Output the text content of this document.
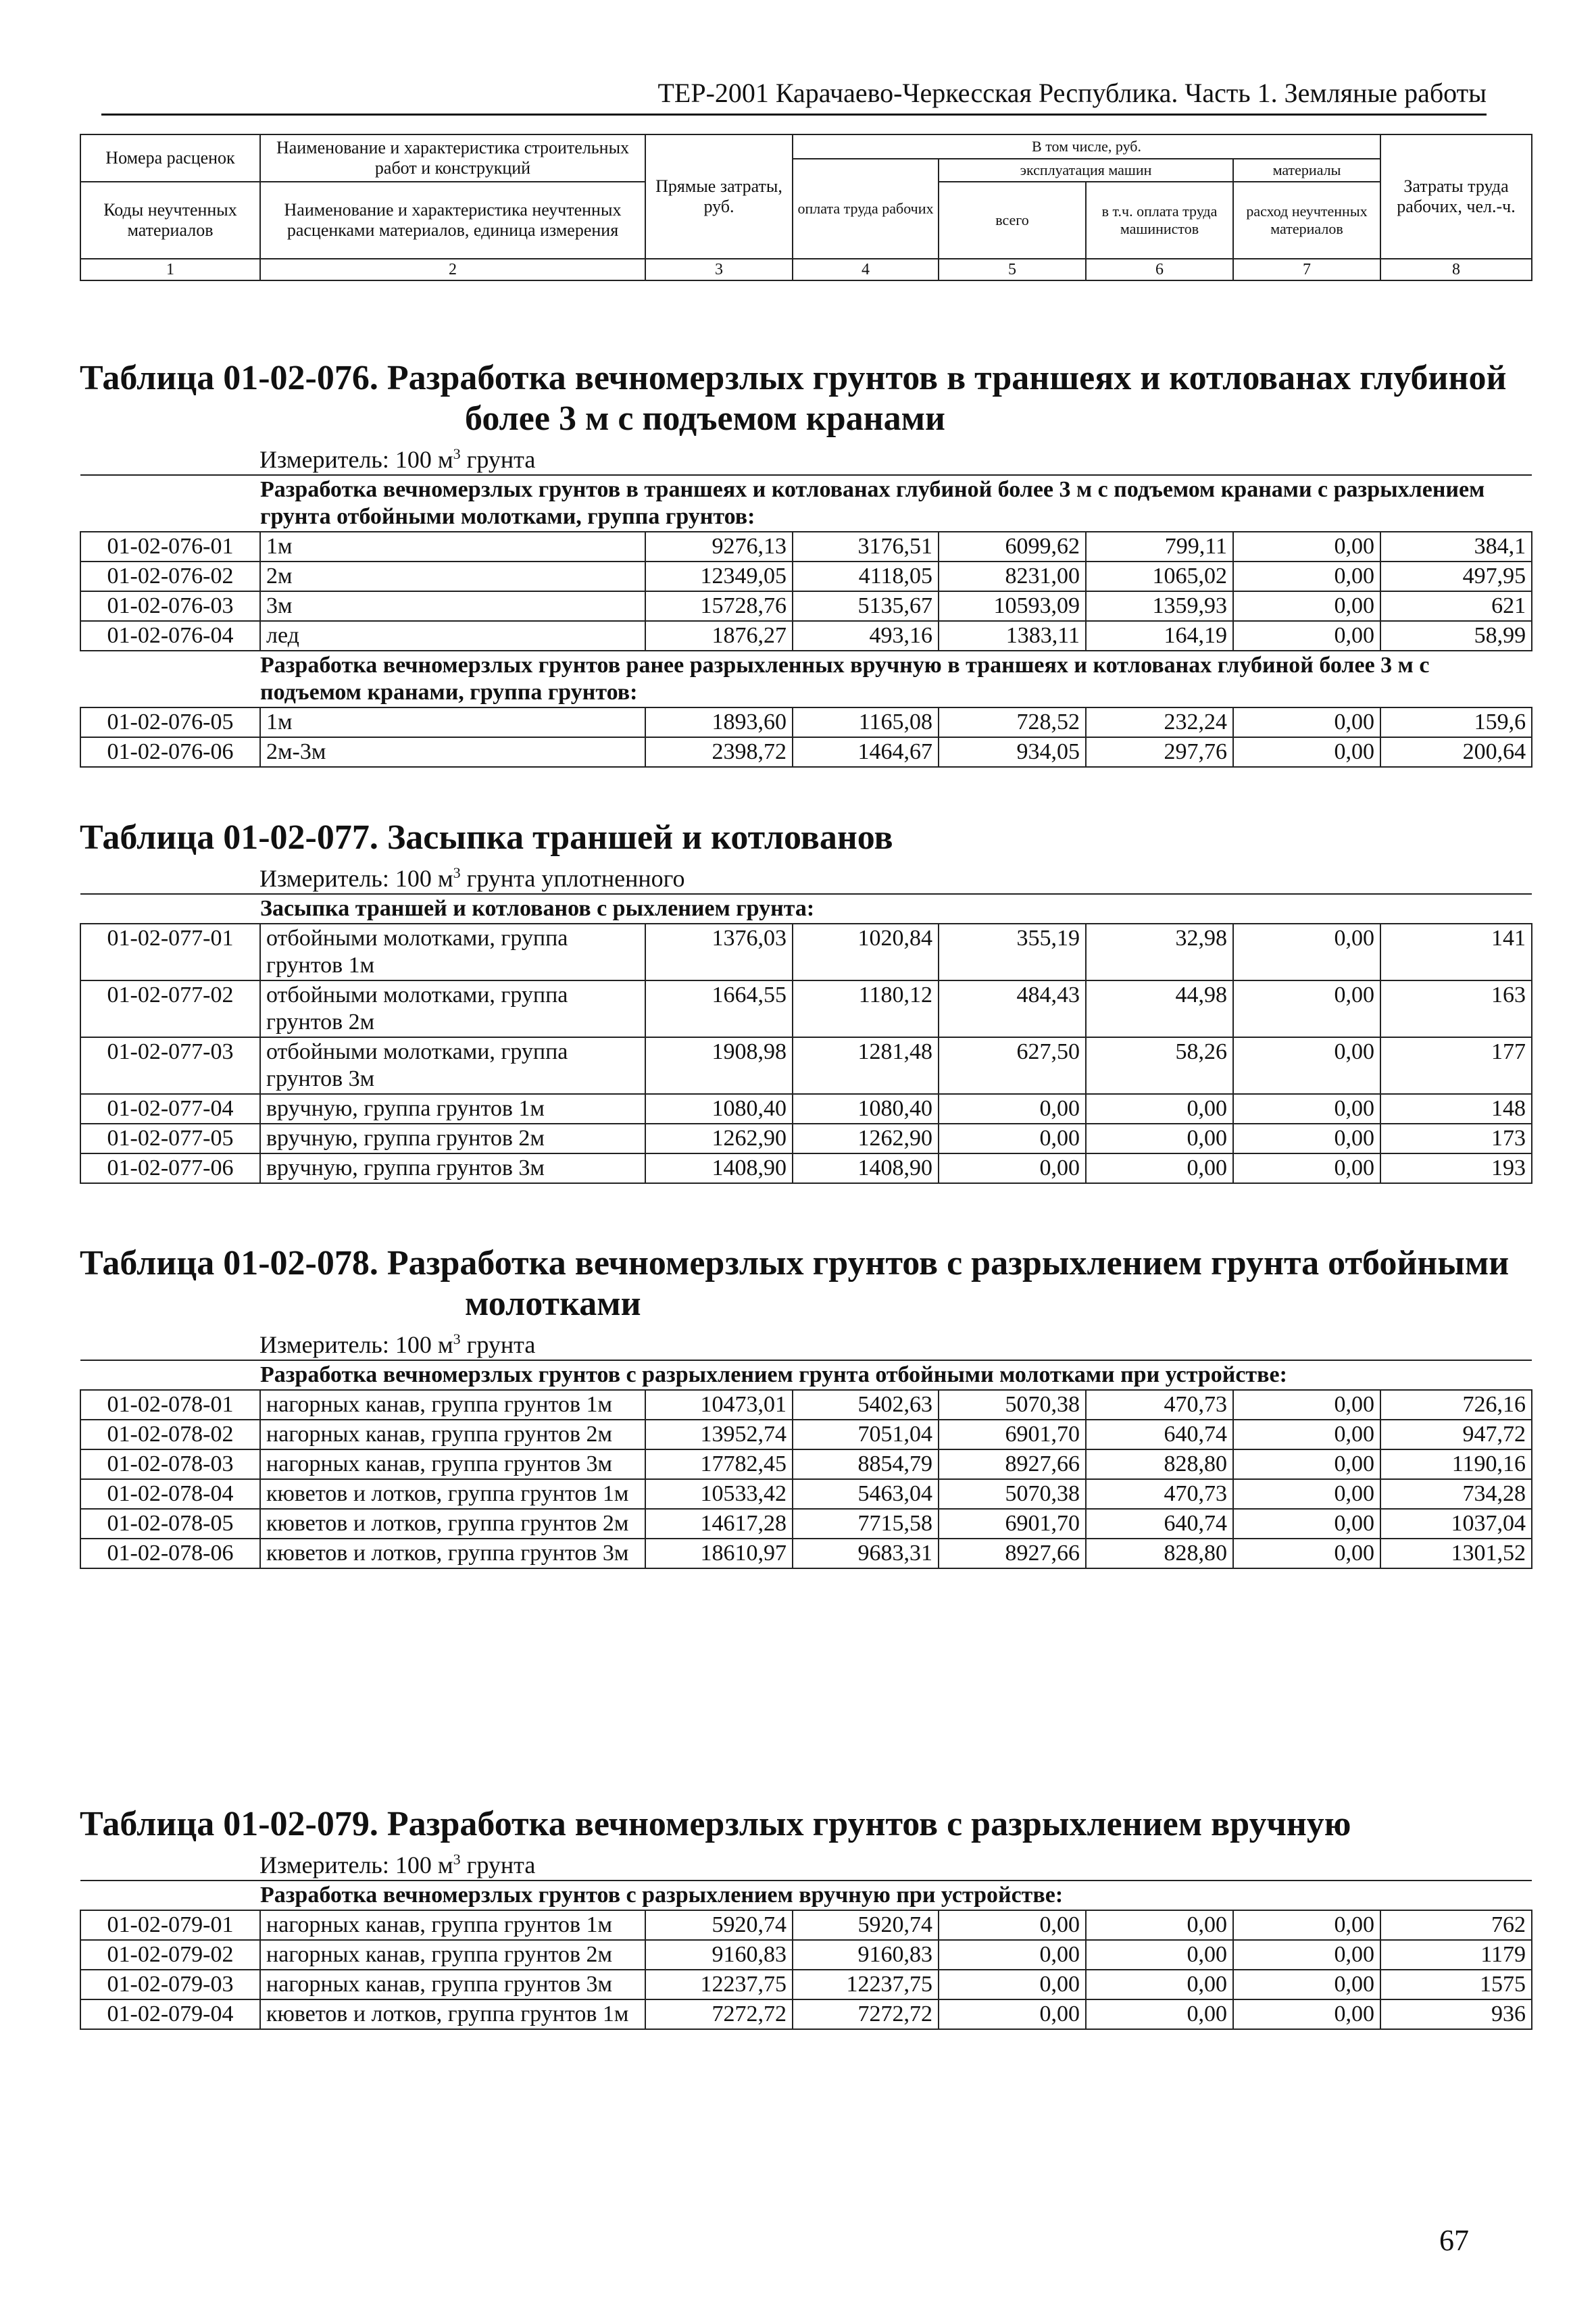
ТЕР-2001 Карачаево-Черкесская Республика. Часть 1. Земляные работы
Номера расценок	Наименование и характеристика строительных работ и конструкций	Прямые затраты, руб.	В том числе, руб.				Затраты труда рабочих, чел.-ч.
			оплата труда рабочих	эксплуатация машин		материалы	
Коды неучтенных материалов	Наименование и характеристика неучтенных расценками материалов, единица измерения			всего	в т.ч. оплата труда машинистов	расход неучтенных материалов	

1	2	3	4	5	6	7	8
Таблица 01-02-076. Разработка вечномерзлых грунтов в траншеях и котлованах глубиной более 3 м с подъемом кранами
Измеритель: 100 $м^3$ грунта
Разработка вечномерзлых грунтов в траншеях и котлованах глубиной более 3 м с подъемом кранами с разрыхлением грунта отбойными молотками, группа грунтов:							
01-02-076-01	1м	9276,13	3176,51	6099,62	799,11	0,00	384,1
01-02-076-02	2м	12349,05	4118,05	8231,00	1065,02	0,00	497,95
01-02-076-03	3м	15728,76	5135,67	10593,09	1359,93	0,00	621
01-02-076-04	лед	1876,27	493,16	1383,11	164,19	0,00	58,99
Разработка вечномерзлых грунтов ранее разрыхленных вручную в траншеях и котлованах глубиной более 3 м с подъемом кранами, группа грунтов:							
01-02-076-05	1м	1893,60	1165,08	728,52	232,24	0,00	159,6
01-02-076-06	2м-3м	2398,72	1464,67	934,05	297,76	0,00	200,64
Таблица 01-02-077. Засыпка траншей и котлованов
Измеритель: 100 $м^3$ грунта уплотненного
Засыпка траншей и котлованов с рыхлением грунта:							
01-02-077-01	отбойными молотками, группа грунтов 1м	1376,03	1020,84	355,19	32,98	0,00	141
01-02-077-02	отбойными молотками, группа грунтов 2м	1664,55	1180,12	484,43	44,98	0,00	163
01-02-077-03	отбойными молотками, группа грунтов 3м	1908,98	1281,48	627,50	58,26	0,00	177
01-02-077-04	вручную, группа грунтов 1м	1080,40	1080,40	0,00	0,00	0,00	148
01-02-077-05	вручную, группа грунтов 2м	1262,90	1262,90	0,00	0,00	0,00	173
01-02-077-06	вручную, группа грунтов 3м	1408,90	1408,90	0,00	0,00	0,00	193
Таблица 01-02-078. Разработка вечномерзлых грунтов с разрыхлением грунта отбойными молотками
Измеритель: 100 $м^3$ грунта
Разработка вечномерзлых грунтов с разрыхлением грунта отбойными молотками при устройстве:							
01-02-078-01	нагорных канав, группа грунтов 1м	10473,01	5402,63	5070,38	470,73	0,00	726,16
01-02-078-02	нагорных канав, группа грунтов 2м	13952,74	7051,04	6901,70	640,74	0,00	947,72
01-02-078-03	нагорных канав, группа грунтов 3м	17782,45	8854,79	8927,66	828,80	0,00	1190,16
01-02-078-04	кюветов и лотков, группа грунтов 1м	10533,42	5463,04	5070,38	470,73	0,00	734,28
01-02-078-05	кюветов и лотков, группа грунтов 2м	14617,28	7715,58	6901,70	640,74	0,00	1037,04
01-02-078-06	кюветов и лотков, группа грунтов 3м	18610,97	9683,31	8927,66	828,80	0,00	1301,52
Таблица 01-02-079. Разработка вечномерзлых грунтов с разрыхлением вручную
Измеритель: 100 $м^3$ грунта
Разработка вечномерзлых грунтов с разрыхлением вручную при устройстве:							
01-02-079-01	нагорных канав, группа грунтов 1м	5920,74	5920,74	0,00	0,00	0,00	762
01-02-079-02	нагорных канав, группа грунтов 2м	9160,83	9160,83	0,00	0,00	0,00	1179
01-02-079-03	нагорных канав, группа грунтов 3м	12237,75	12237,75	0,00	0,00	0,00	1575
01-02-079-04	кюветов и лотков, группа грунтов 1м	7272,72	7272,72	0,00	0,00	0,00	936
67
